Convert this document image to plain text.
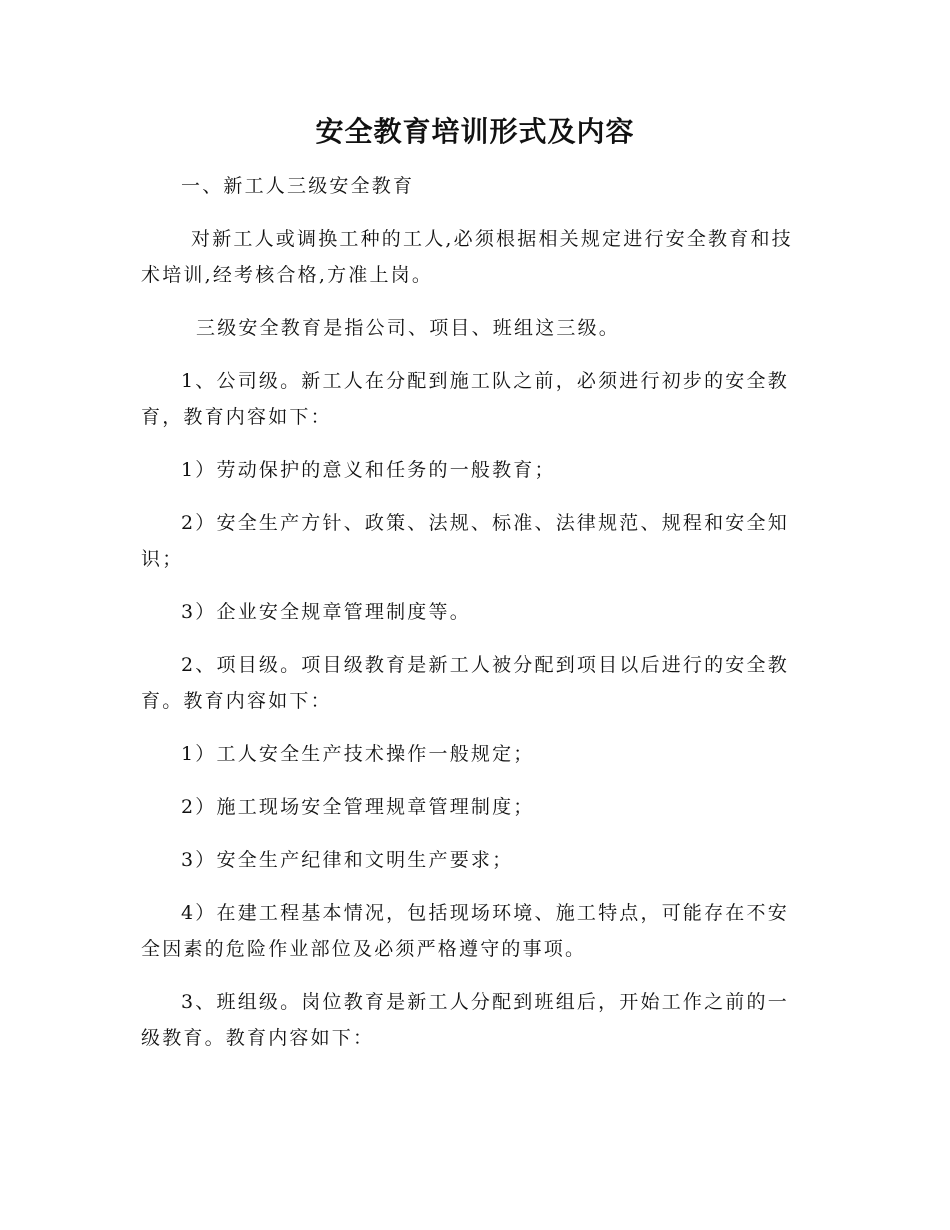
安全教育培训形式及内容

一、新工人三级安全教育

对新工人或调换工种的工人,必须根据相关规定进行安全教育和技术培训,经考核合格,方准上岗。

三级安全教育是指公司、项目、班组这三级。

1、公司级。新工人在分配到施工队之前，必须进行初步的安全教育，教育内容如下：

1）劳动保护的意义和任务的一般教育；

2）安全生产方针、政策、法规、标准、法律规范、规程和安全知识；

3）企业安全规章管理制度等。

2、项目级。项目级教育是新工人被分配到项目以后进行的安全教育。教育内容如下：

1）工人安全生产技术操作一般规定；

2）施工现场安全管理规章管理制度；

3）安全生产纪律和文明生产要求；

4）在建工程基本情况，包括现场环境、施工特点，可能存在不安全因素的危险作业部位及必须严格遵守的事项。

3、班组级。岗位教育是新工人分配到班组后，开始工作之前的一级教育。教育内容如下：
